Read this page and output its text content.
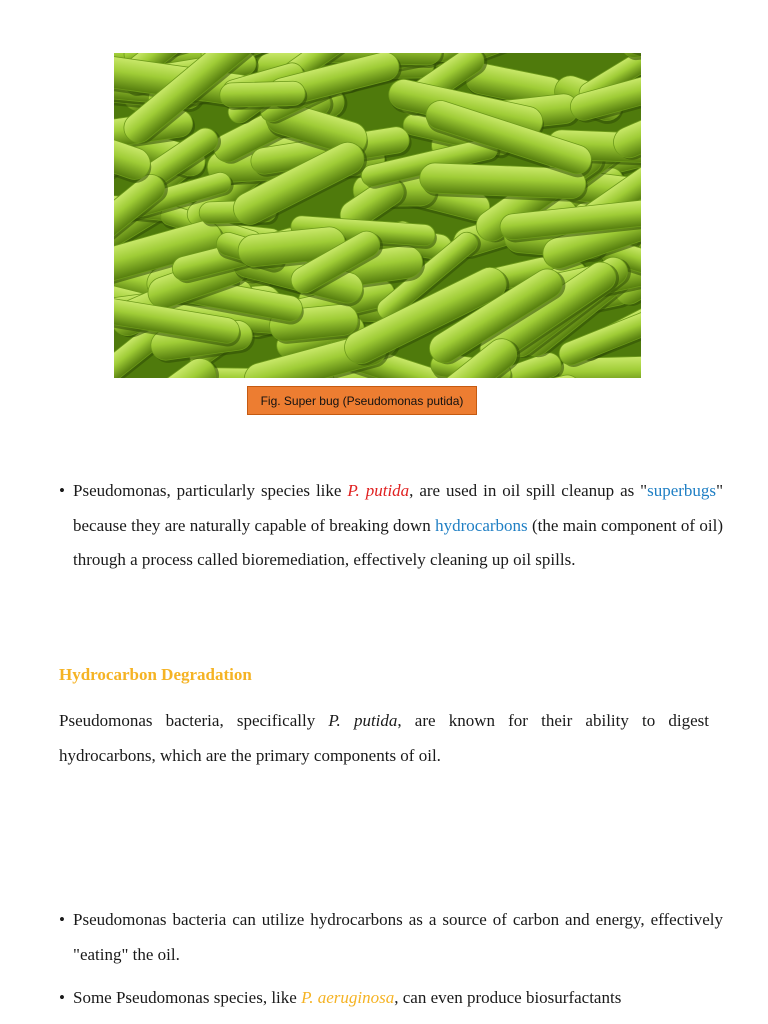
Fig. Super bug (Pseudomonas putida)

• Pseudomonas, particularly species like P. putida, are used in oil spill cleanup as "superbugs" because they are naturally capable of breaking down hydrocarbons (the main component of oil) through a process called bioremediation, effectively cleaning up oil spills.

Hydrocarbon Degradation

Pseudomonas bacteria, specifically P. putida, are known for their ability to digest hydrocarbons, which are the primary components of oil.

• Pseudomonas bacteria can utilize hydrocarbons as a source of carbon and energy, effectively "eating" the oil.

• Some Pseudomonas species, like P. aeruginosa, can even produce biosurfactants
